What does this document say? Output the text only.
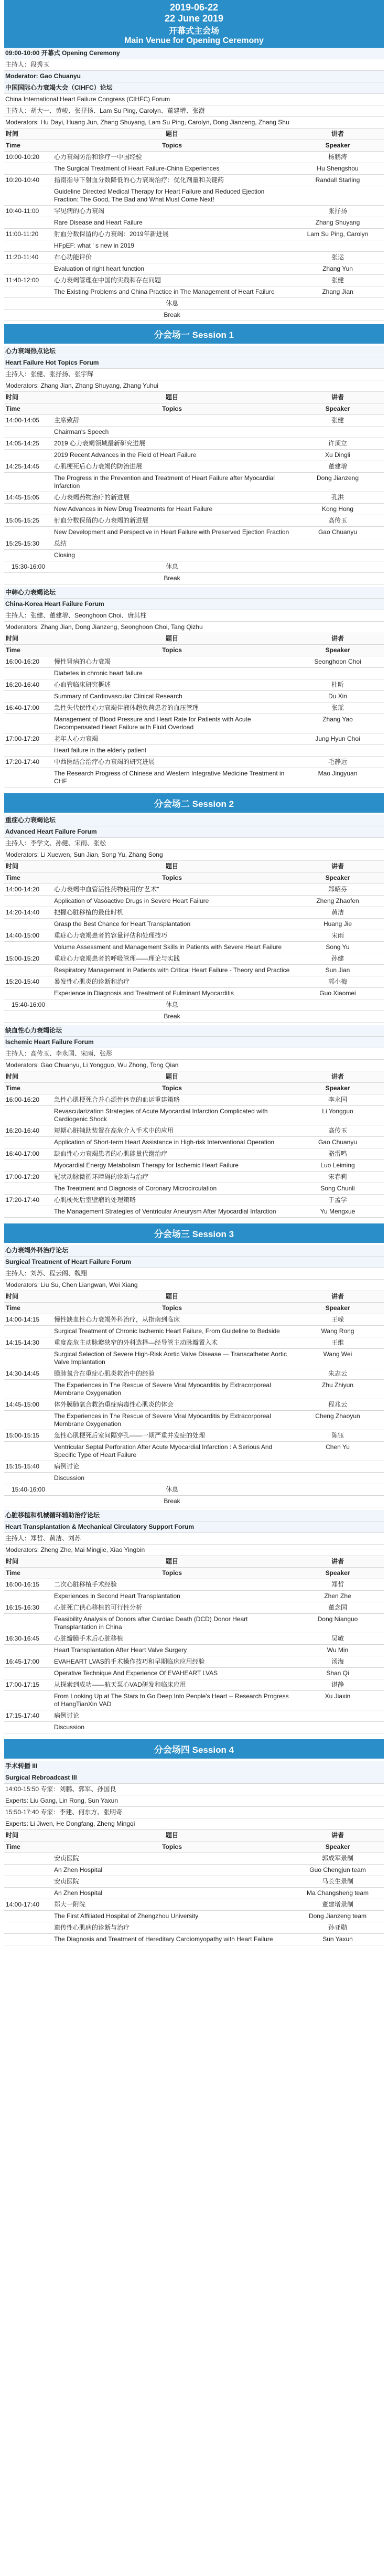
2019-06-22
22 June 2019
开幕式主会场
Main Venue for Opening Ceremony
09:00-10:00 开幕式 Opening Ceremony
主持人：段秀玉
Moderator: Gao Chuanyu
中国国际心力衰竭大会（CIHFC）论坛
China International Heart Failure Congress (CIHFC) Forum
主持人：胡大一、黄峻、张抒扬、Lam Su Ping, Carolyn、董建增、张澍
Moderators: Hu Dayi, Huang Jun, Zhang Shuyang, Lam Su Ping, Carolyn, Dong Jianzeng, Zhang Shu
时间	题目	讲者
Time	Topics	Speaker
10:00-10:20	心力衰竭防治和诊疗一中国经验	杨鹏涛
	The Surgical Treatment of Heart Failure-China Experiences	Hu Shengshou
10:20-10:40	指南指导下射血分数降低的心力衰竭治疗：优化剂量和关键药	Randall Starling
	Guideline Directed Medical Therapy for Heart Failure and Reduced Ejection Fraction: The Good, The Bad and What Must Come Next!	
10:40-11:00	罕见病的心力衰竭	张抒扬
	Rare Disease and Heart Failure	Zhang Shuyang
11:00-11:20	射血分数保留的心力衰竭：2019年新进展	Lam Su Ping, Carolyn
	HFpEF: what ' s new in 2019	
11:20-11:40	右心功能评价	张运
	Evaluation of right heart function	Zhang Yun
11:40-12:00	心力衰竭管理在中国的实践和存在问题	张健
	The Existing Problems and China Practice in The Management of Heart Failure	Zhang Jian
	休息	
	Break	
分会场一 Session 1
心力衰竭热点论坛
Heart Failure Hot Topics Forum
主持人：张健、张抒扬、张宇辉
Moderators: Zhang Jian, Zhang Shuyang, Zhang Yuhui
时间	题目	讲者
Time	Topics	Speaker
14:00-14:05	主席致辞	张健
	Chairman's Speech	
14:05-14:25	2019 心力衰竭领域最新研究进展	许顶立
	2019 Recent Advances in the Field of Heart Failure	Xu Dingli
14:25-14:45	心肌梗死后心力衰竭的防治进展	董建增
	The Progress in the Prevention and Treatment of Heart Failure after Myocardial Infarction	Dong Jianzeng
14:45-15:05	心力衰竭药物治疗的新进展	孔洪
	New Advances in New Drug Treatments for Heart Failure	Kong Hong
15:05-15:25	射血分数保留的心力衰竭的新进展	高传玉
	New Development and Perspective in Heart Failure with Preserved Ejection Fraction	Gao Chuanyu
15:25-15:30	总结	
	Closing	
15:30-16:00	休息	
	Break	
中韩心力衰竭论坛
China-Korea Heart Failure Forum
主持人：张健、董建增、Seonghoon Choi、唐其柱
Moderators: Zhang Jian, Dong Jianzeng, Seonghoon Choi, Tang Qizhu
时间	题目	讲者
Time	Topics	Speaker
16:00-16:20	慢性肾病的心力衰竭	Seonghoon Choi
	Diabetes in chronic heart failure	
16:20-16:40	心血管临床研究概述	杜昕
	Summary of Cardiovascular Clinical Research	Du Xin
16:40-17:00	急性失代偿性心力衰竭伴液体超负荷患者的血压管理	张瑶
	Management of Blood Pressure and Heart Rate for Patients with Acute Decompensated Heart Failure with Fluid Overload	Zhang Yao
17:00-17:20	老年人心力衰竭	Jung Hyun Choi
	Heart failure in the elderly patient	
17:20-17:40	中西医结合治疗心力衰竭的研究进展	毛静远
	The Research Progress of Chinese and Western Integrative Medicine Treatment in CHF	Mao Jingyuan
分会场二 Session 2
重症心力衰竭论坛
Advanced Heart Failure Forum
主持人：李学文、孙健、宋雨、张松
Moderators: Li Xuewen, Sun Jian, Song Yu, Zhang Song
时间	题目	讲者
Time	Topics	Speaker
14:00-14:20	心力衰竭中血管活性药物使用的"艺术"	郑昭芬
	Application of Vasoactive Drugs in Severe Heart Failure	Zheng Zhaofen
14:20-14:40	把握心脏移植的最佳时机	黄洁
	Grasp the Best Chance for Heart Transplantation	Huang Jie
14:40-15:00	重症心力衰竭患者的容量评估和处理技巧	宋雨
	Volume Assessment and Management Skills in Patients with Severe Heart Failure	Song Yu
15:00-15:20	重症心力衰竭患者的呼吸管理——理论与实践	孙健
	Respiratory Management in Patients with Critical Heart Failure - Theory and Practice	Sun Jian
15:20-15:40	暴发性心肌炎的诊断和治疗	郭小梅
	Experience in Diagnosis and Treatment of Fulminant Myocarditis	Guo Xiaomei
15:40-16:00	休息	
	Break	
缺血性心力衰竭论坛
Ischemic Heart Failure Forum
主持人：高传玉、李永国、宋雨、张彤
Moderators: Gao Chuanyu, Li Yongguo, Wu Zhong, Tong Qian
时间	题目	讲者
Time	Topics	Speaker
16:00-16:20	急性心肌梗死合并心源性休克的血运重建策略	李永国
	Revascularization Strategies of Acute Myocardial Infarction Complicated with Cardiogenic Shock	Li Yongguo
16:20-16:40	短期心脏辅助装置在高危介入手术中的应用	高传玉
	Application of Short-term Heart Assistance in High-risk Interventional Operation	Gao Chuanyu
16:40-17:00	缺血性心力衰竭患者的心肌能量代谢治疗	骆雷鸣
	Myocardial Energy Metabolism Therapy for Ischemic Heart Failure	Luo Leiming
17:00-17:20	冠状动脉微循环障碍的诊断与治疗	宋春莉
	The Treatment and Diagnosis of Coronary Microcirculation	Song Chunli
17:20-17:40	心肌梗死后室壁瘤的处理策略	于孟学
	The Management Strategies of Ventricular Aneurysm After Myocardial Infarction	Yu Mengxue
分会场三 Session 3
心力衰竭外科治疗论坛
Surgical Treatment of Heart Failure Forum
主持人：刘苏、程云阁、魏翔
Moderators: Liu Su, Chen Liangwan, Wei Xiang
时间	题目	讲者
Time	Topics	Speaker
14:00-14:15	慢性缺血性心力衰竭外科治疗，从指南到临床	王嵘
	Surgical Treatment of Chronic Ischemic Heart Failure, From Guideline to Bedside	Wang Rong
14:15-14:30	重度高危主动脉瓣狭窄的外科选择—经导管主动脉瓣置入术	王维
	Surgical Selection of Severe High-Risk Aortic Valve Disease — Transcatheter Aortic Valve Implantation	Wang Wei
14:30-14:45	膜肺氧合在重症心肌炎救治中的经验	朱志云
	The Experiences in The Rescue of Severe Viral Myocarditis by Extracorporeal Membrane Oxygenation	Zhu Zhiyun
14:45-15:00	体外膜肺氧合救治重症病毒性心肌炎的体会	程兆云
	The Experiences in The Rescue of Severe Viral Myocarditis by Extracorporeal Membrane Oxygenation	Cheng Zhaoyun
15:00-15:15	急性心肌梗死后室间隔穿孔——一期严重并发症的处理	陈钰
	Ventricular Septal Perforation After Acute Myocardial Infarction : A Serious And Specific Type of Heart Failure	Chen Yu
15:15-15:40	病例讨论	
	Discussion	
15:40-16:00	休息	
	Break	
心脏移植和机械循环辅助治疗论坛
Heart Transplantation & Mechanical Circulatory Support Forum
主持人：郑哲、黄洁、刘苏
Moderators: Zheng Zhe, Mai Mingjie, Xiao Yingbin
时间	题目	讲者
Time	Topics	Speaker
16:00-16:15	二次心脏移植手术经验	郑哲
	Experiences in Second Heart Transplantation	Zhen Zhe
16:15-16:30	心脏死亡供心移植的可行性分析	董念国
	Feasibility Analysis of Donors after Cardiac Death (DCD) Donor Heart Transplantation in China	Dong Nianguo
16:30-16:45	心脏瓣膜手术后心脏移植	吴敏
	Heart Transplantation After Heart Valve Surgery	Wu Min
16:45-17:00	EVAHEART LVAS的手术操作技巧和早期临床应用经验	汤海
	Operative Technique And Experience Of EVAHEART LVAS	Shan Qi
17:00-17:15	从探索到成功——航天泵心VAD研发和临床应用	谌静
	From Looking Up at The Stars to Go Deep Into People's Heart -- Research Progress of HangTianXin VAD	Xu Jiaxin
17:15-17:40	病例讨论	
	Discussion	
分会场四 Session 4
手术转播 III
Surgical Rebroadcast III
14:00-15:50 专家：刘鹏、郭军、孙国良
Experts: Liu Gang, Lin Rong, Sun Yaxun
15:50-17:40 专家：李建、何东方、张明奇
Experts: Li Jiwen, He Dongfang, Zheng Mingqi
时间	题目	讲者
Time	Topics	Speaker
	安贞医院	郭成军录制
	An Zhen Hospital	Guo Chengjun team
	安贞医院	马长生录制
	An Zhen Hospital	Ma Changsheng team
14:00-17:40	郑大一附院	董建增录制
	The First Affiliated Hospital of Zhengzhou University	Dong Jianzeng team
	遗传性心肌病的诊断与治疗	孙亚勋
	The Diagnosis and Treatment of Hereditary Cardiomyopathy with Heart Failure	Sun Yaxun
